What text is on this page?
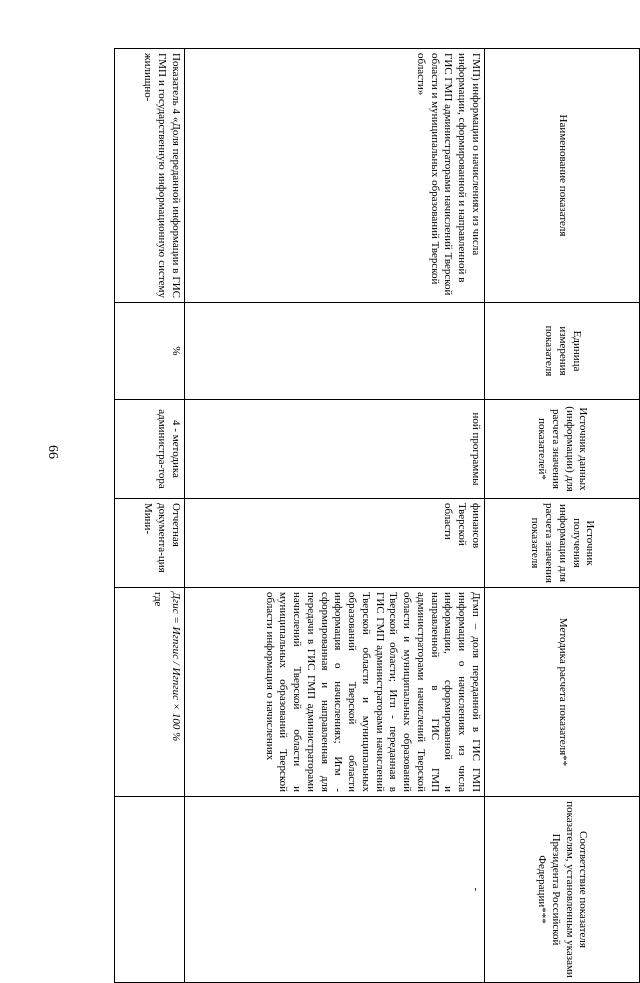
66
Наименование показателя	Единица измерения показателя	Источник данных (информации) для расчета значения показателей*	Источник получения информации для расчета значения показателя	Методика расчета показателя**	Соответствие показателя показателям, установленным указами Президента Российской Федерации***
ГМП) информации о начислениях из числа информации, сформированной и направленной в ГИС ГМП администраторами начислений Тверской области и муниципальных образований Тверской области»		ной программы	финансов Тверской области	Дгмп – доля переданной в ГИС ГМП информации о начислениях из числа информации, сформированной и направленной в ГИС ГМП администраторами начислений Тверской области и муниципальных образований Тверской области; Игп - переданная в ГИС ГМП администраторами начислений Тверской области и муниципальных образований Тверской области информация о начислениях; Игм - сформированная и направленная для передачи в ГИС ГМП администраторами начислений Тверской области и муниципальных образований Тверской области информация о начислениях	-
Показатель 4 «Доля переданной информации в ГИС ГМП и государственную информационную систему жилищно-	%	4 - методика администра-тора	Отчетная документа-ция Мини-	Дгис = Игпгис / Игпгис × 100 %
где	
